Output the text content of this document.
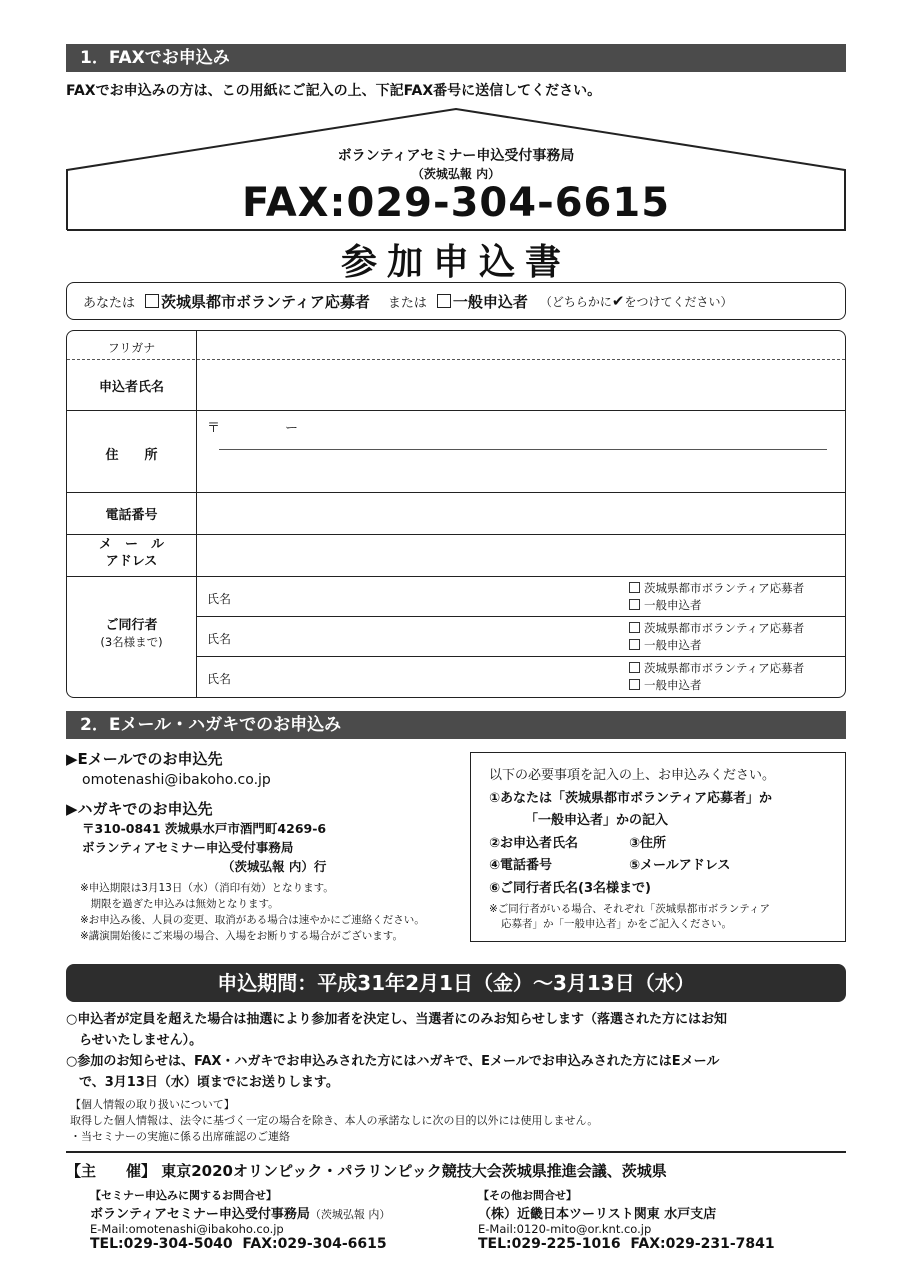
1．FAXでお申込み
FAXでお申込みの方は、この用紙にご記入の上、下記FAX番号に送信してください。
ボランティアセミナー申込受付事務局
（茨城弘報 内）
FAX:029-304-6615
参加申込書
あなたは 茨城県都市ボランティア応募者 または 一般申込者 （どちらかに ✔ をつけてください）
フリガナ
申込者氏名
住　　所
〒　　　　　ー
電話番号
メ　ー　ル
アドレス
ご同行者
(3名様まで)
氏名
茨城県都市ボランティア応募者
一般申込者
氏名
茨城県都市ボランティア応募者
一般申込者
氏名
茨城県都市ボランティア応募者
一般申込者
2．Eメール・ハガキでのお申込み
▶Eメールでのお申込先
omotenashi@ibakoho.co.jp
▶ハガキでのお申込先
〒310-0841 茨城県水戸市酒門町4269-6
ボランティアセミナー申込受付事務局
（茨城弘報 内）行
※申込期限は3月13日（水）（消印有効）となります。
　期限を過ぎた申込みは無効となります。
※お申込み後、人員の変更、取消がある場合は速やかにご連絡ください。
※講演開始後にご来場の場合、入場をお断りする場合がございます。
以下の必要事項を記入の上、お申込みください。
①あなたは「茨城県都市ボランティア応募者」か
「一般申込者」かの記入
②お申込者氏名	③住所
④電話番号	⑤メールアドレス
⑥ご同行者氏名(3名様まで)
※ご同行者がいる場合、それぞれ「茨城県都市ボランティア
応募者」か「一般申込者」かをご記入ください。
申込期間：平成31年2月1日（金）～3月13日（水）
○申込者が定員を超えた場合は抽選により参加者を決定し、当選者にのみお知らせします（落選された方にはお知
　らせいたしません）。
○参加のお知らせは、FAX・ハガキでお申込みされた方にはハガキで、Eメールでお申込みされた方にはEメール
　で、3月13日（水）頃までにお送りします。
【個人情報の取り扱いについて】
取得した個人情報は、法令に基づく一定の場合を除き、本人の承諾なしに次の目的以外には使用しません。
・当セミナーの実施に係る出席確認のご連絡
【主　　催】 東京2020オリンピック・パラリンピック競技大会茨城県推進会議、茨城県
【セミナー申込みに関するお問合せ】
ボランティアセミナー申込受付事務局（茨城弘報 内）
E-Mail:omotenashi@ibakoho.co.jp
TEL:029-304-5040  FAX:029-304-6615
【その他お問合せ】
（株）近畿日本ツーリスト関東 水戸支店
E-Mail:0120-mito@or.knt.co.jp
TEL:029-225-1016  FAX:029-231-7841
